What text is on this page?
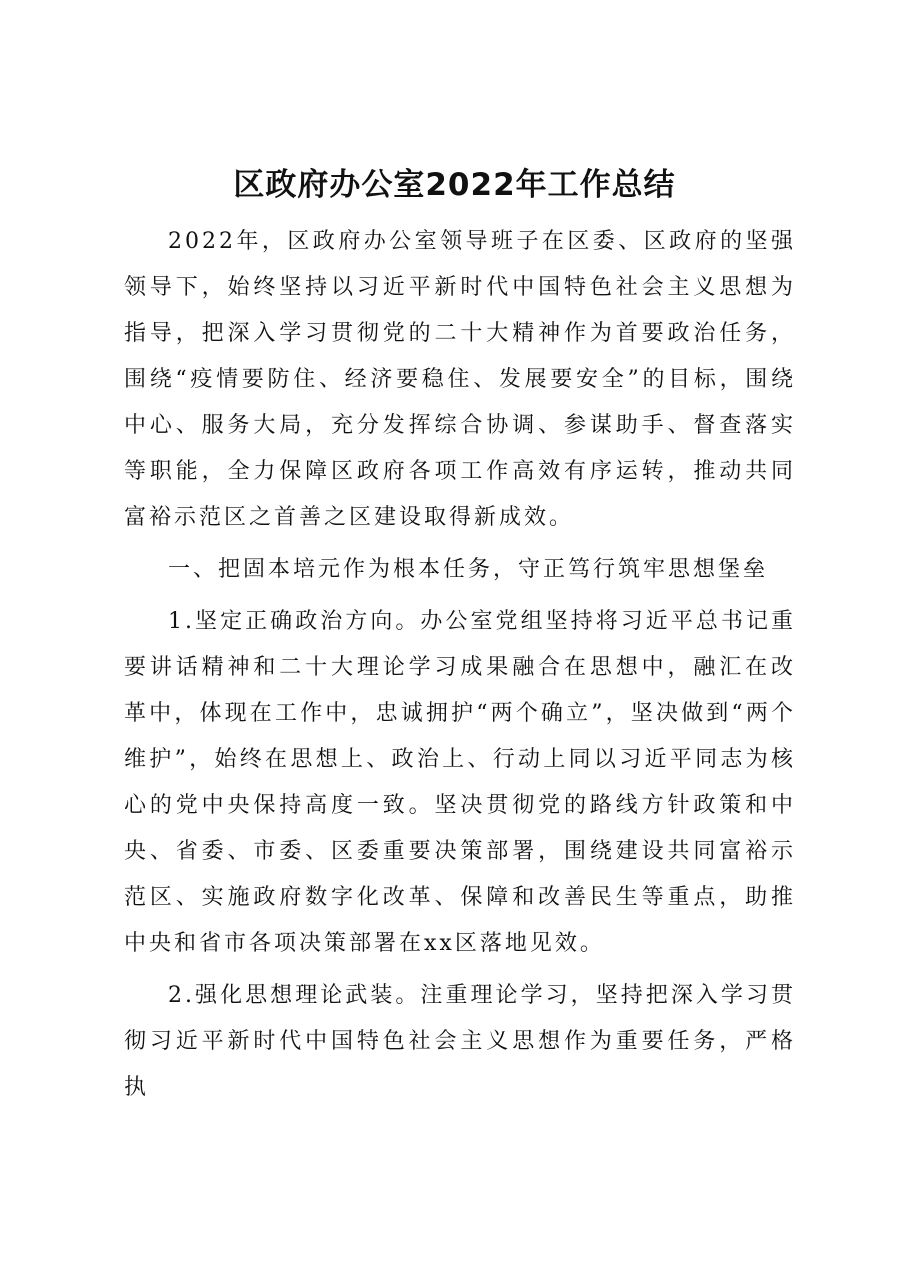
区政府办公室2022年工作总结

2022年，区政府办公室领导班子在区委、区政府的坚强领导下，始终坚持以习近平新时代中国特色社会主义思想为指导，把深入学习贯彻党的二十大精神作为首要政治任务，围绕“疫情要防住、经济要稳住、发展要安全”的目标，围绕中心、服务大局，充分发挥综合协调、参谋助手、督查落实等职能，全力保障区政府各项工作高效有序运转，推动共同富裕示范区之首善之区建设取得新成效。

一、把固本培元作为根本任务，守正笃行筑牢思想堡垒

1.坚定正确政治方向。办公室党组坚持将习近平总书记重要讲话精神和二十大理论学习成果融合在思想中，融汇在改革中，体现在工作中，忠诚拥护“两个确立”，坚决做到“两个维护”，始终在思想上、政治上、行动上同以习近平同志为核心的党中央保持高度一致。坚决贯彻党的路线方针政策和中央、省委、市委、区委重要决策部署，围绕建设共同富裕示范区、实施政府数字化改革、保障和改善民生等重点，助推中央和省市各项决策部署在xx区落地见效。

2.强化思想理论武装。注重理论学习，坚持把深入学习贯彻习近平新时代中国特色社会主义思想作为重要任务，严格执
